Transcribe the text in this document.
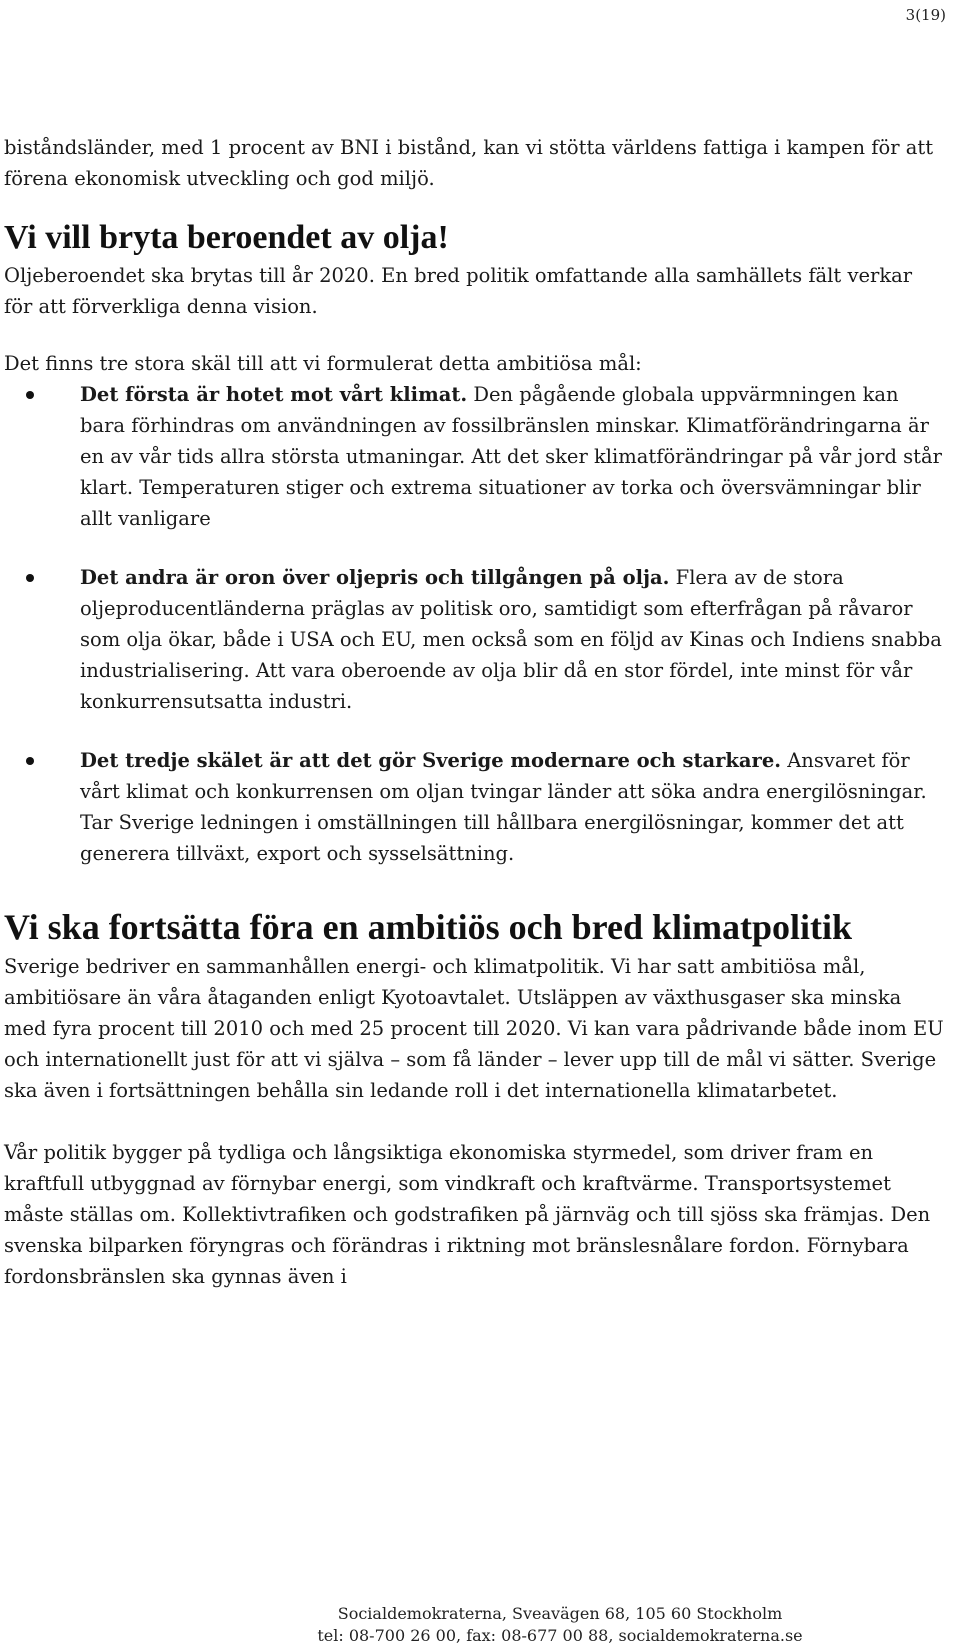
3(19)

biståndsländer, med 1 procent av BNI i bistånd, kan vi stötta världens fattiga i kampen för att förena ekonomisk utveckling och god miljö.

Vi vill bryta beroendet av olja!

Oljeberoendet ska brytas till år 2020. En bred politik omfattande alla samhällets fält verkar för att förverkliga denna vision.

Det finns tre stora skäl till att vi formulerat detta ambitiösa mål:

Det första är hotet mot vårt klimat. Den pågående globala uppvärmningen kan bara förhindras om användningen av fossilbränslen minskar. Klimatförändringarna är en av vår tids allra största utmaningar. Att det sker klimatförändringar på vår jord står klart. Temperaturen stiger och extrema situationer av torka och översvämningar blir allt vanligare
Det andra är oron över oljepris och tillgången på olja. Flera av de stora oljeproducentländerna präglas av politisk oro, samtidigt som efterfrågan på råvaror som olja ökar, både i USA och EU, men också som en följd av Kinas och Indiens snabba industrialisering. Att vara oberoende av olja blir då en stor fördel, inte minst för vår konkurrensutsatta industri.
Det tredje skälet är att det gör Sverige modernare och starkare. Ansvaret för vårt klimat och konkurrensen om oljan tvingar länder att söka andra energilösningar. Tar Sverige ledningen i omställningen till hållbara energilösningar, kommer det att generera tillväxt, export och sysselsättning.
Vi ska fortsätta föra en ambitiös och bred klimatpolitik

Sverige bedriver en sammanhållen energi- och klimatpolitik. Vi har satt ambitiösa mål, ambitiösare än våra åtaganden enligt Kyotoavtalet. Utsläppen av växthusgaser ska minska med fyra procent till 2010 och med 25 procent till 2020. Vi kan vara pådrivande både inom EU och internationellt just för att vi själva – som få länder – lever upp till de mål vi sätter. Sverige ska även i fortsättningen behålla sin ledande roll i det internationella klimatarbetet.

Vår politik bygger på tydliga och långsiktiga ekonomiska styrmedel, som driver fram en kraftfull utbyggnad av förnybar energi, som vindkraft och kraftvärme. Transportsystemet måste ställas om. Kollektivtrafiken och godstrafiken på järnväg och till sjöss ska främjas. Den svenska bilparken föryngras och förändras i riktning mot bränslesnålare fordon. Förnybara fordonsbränslen ska gynnas även i

Socialdemokraterna, Sveavägen 68, 105 60 Stockholm
tel: 08-700 26 00, fax: 08-677 00 88, socialdemokraterna.se
